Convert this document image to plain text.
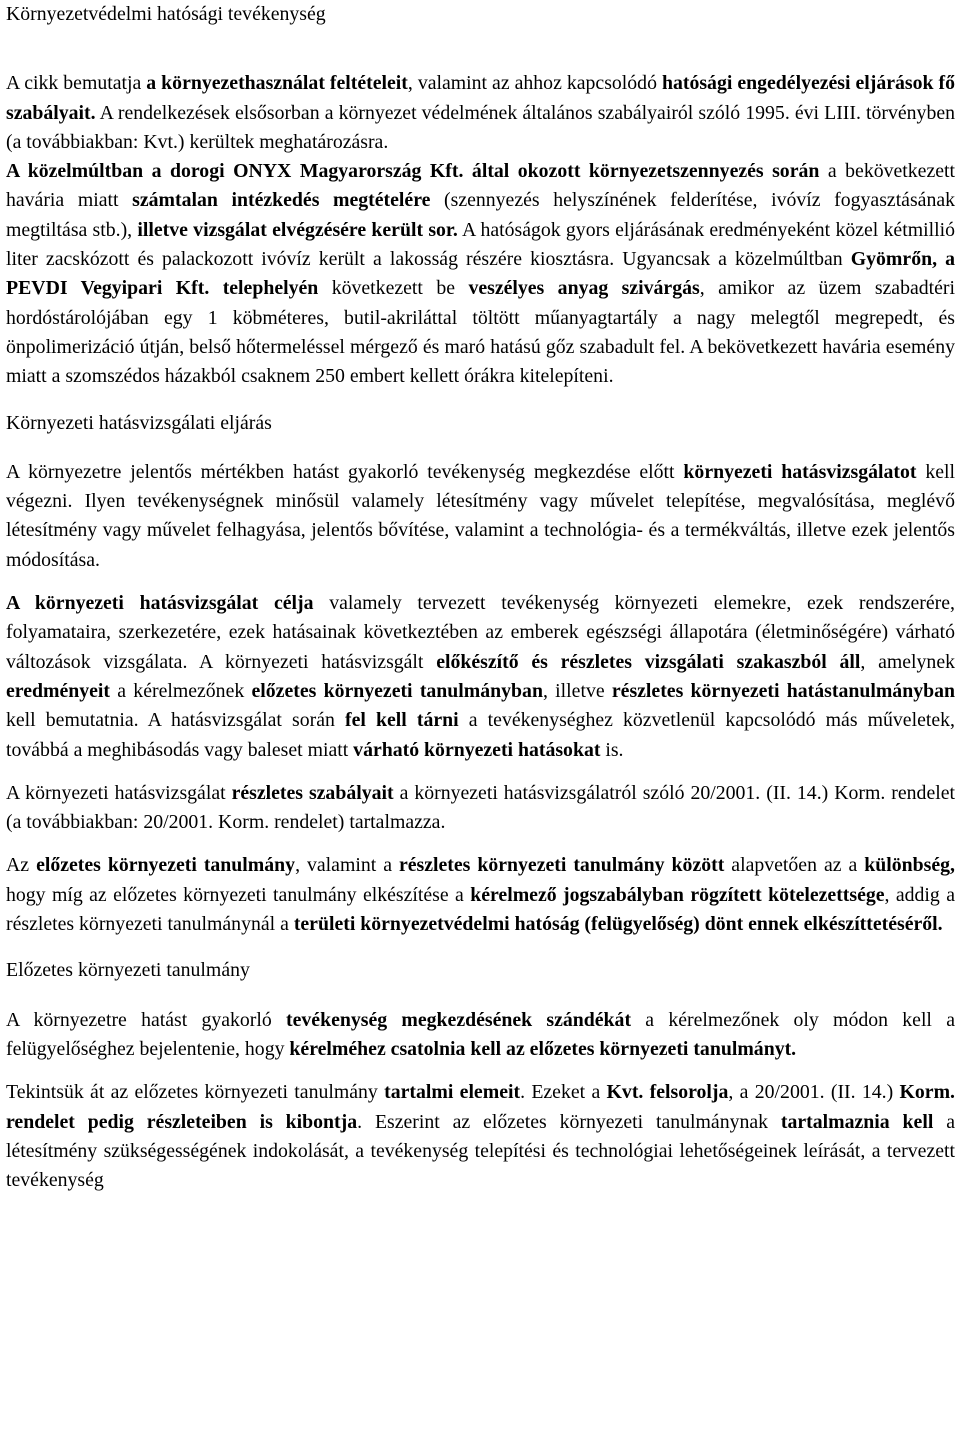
Környezetvédelmi hatósági tevékenység
A cikk bemutatja a környezethasználat feltételeit, valamint az ahhoz kapcsolódó hatósági engedélyezési eljárások fő szabályait. A rendelkezések elsősorban a környezet védelmének általános szabályairól szóló 1995. évi LIII. törvényben (a továbbiakban: Kvt.) kerültek meghatározásra.
A közelmúltban a dorogi ONYX Magyarország Kft. által okozott környezetszennyezés során a bekövetkezett havária miatt számtalan intézkedés megtételére (szennyezés helyszínének felderítése, ivóvíz fogyasztásának megtiltása stb.), illetve vizsgálat elvégzésére került sor. A hatóságok gyors eljárásának eredményeként közel kétmillió liter zacskózott és palackozott ivóvíz került a lakosság részére kiosztásra. Ugyancsak a közelmúltban Gyömrőn, a PEVDI Vegyipari Kft. telephelyén következett be veszélyes anyag szivárgás, amikor az üzem szabadtéri hordóstárolójában egy 1 köbméteres, butil-akriláttal töltött műanyagtartály a nagy melegtől megrepedt, és önpolimerizáció útján, belső hőtermeléssel mérgező és maró hatású gőz szabadult fel. A bekövetkezett havária esemény miatt a szomszédos házakból csaknem 250 embert kellett órákra kitelepíteni.
Környezeti hatásvizsgálati eljárás
A környezetre jelentős mértékben hatást gyakorló tevékenység megkezdése előtt környezeti hatásvizsgálatot kell végezni. Ilyen tevékenységnek minősül valamely létesítmény vagy művelet telepítése, megvalósítása, meglévő létesítmény vagy művelet felhagyása, jelentős bővítése, valamint a technológia- és a termékváltás, illetve ezek jelentős módosítása.
A környezeti hatásvizsgálat célja valamely tervezett tevékenység környezeti elemekre, ezek rendszerére, folyamataira, szerkezetére, ezek hatásainak következtében az emberek egészségi állapotára (életminőségére) várható változások vizsgálata. A környezeti hatásvizsgált előkészítő és részletes vizsgálati szakaszból áll, amelynek eredményeit a kérelmezőnek előzetes környezeti tanulmányban, illetve részletes környezeti hatástanulmányban kell bemutatnia. A hatásvizsgálat során fel kell tárni a tevékenységhez közvetlenül kapcsolódó más műveletek, továbbá a meghibásodás vagy baleset miatt várható környezeti hatásokat is.
A környezeti hatásvizsgálat részletes szabályait a környezeti hatásvizsgálatról szóló 20/2001. (II. 14.) Korm. rendelet (a továbbiakban: 20/2001. Korm. rendelet) tartalmazza.
Az előzetes környezeti tanulmány, valamint a részletes környezeti tanulmány között alapvetően az a különbség, hogy míg az előzetes környezeti tanulmány elkészítése a kérelmező jogszabályban rögzített kötelezettsége, addig a részletes környezeti tanulmánynál a területi környezetvédelmi hatóság (felügyelőség) dönt ennek elkészíttetéséről.
Előzetes környezeti tanulmány
A környezetre hatást gyakorló tevékenység megkezdésének szándékát a kérelmezőnek oly módon kell a felügyelőséghez bejelentenie, hogy kérelméhez csatolnia kell az előzetes környezeti tanulmányt.
Tekintsük át az előzetes környezeti tanulmány tartalmi elemeit. Ezeket a Kvt. felsorolja, a 20/2001. (II. 14.) Korm. rendelet pedig részleteiben is kibontja. Eszerint az előzetes környezeti tanulmánynak tartalmaznia kell a létesítmény szükségességének indokolását, a tevékenység telepítési és technológiai lehetőségeinek leírását, a tervezett tevékenység
